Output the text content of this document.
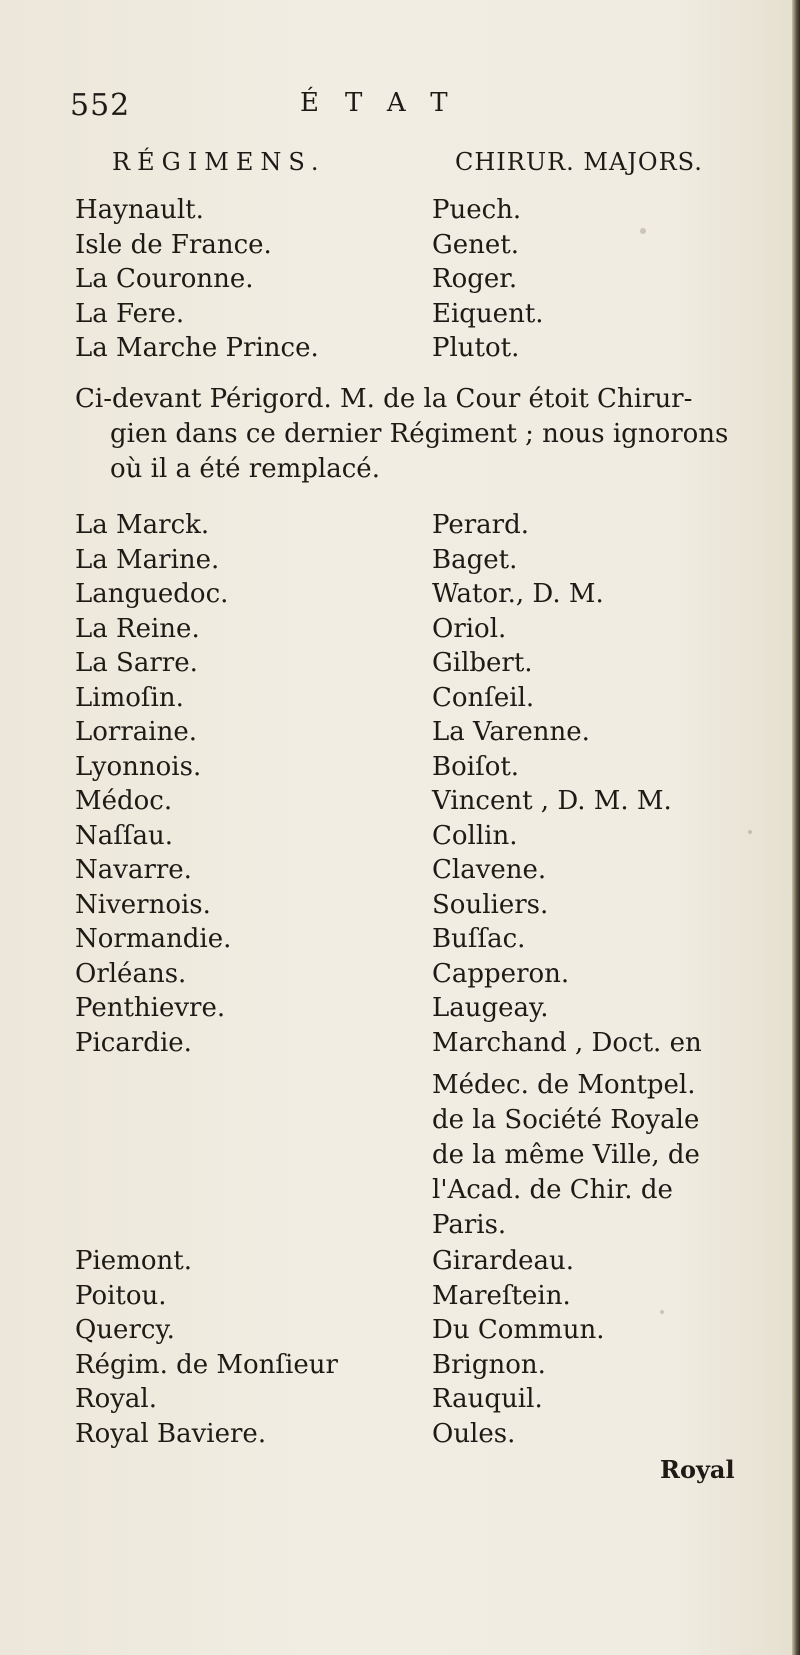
552	ÉTAT
RÉGIMENS.	CHIRUR. MAJORS.
Haynault.	Puech.
Isle de France.	Genet.
La Couronne.	Roger.
La Fere.	Eiquent.
La Marche Prince.	Plutot.
Ci-devant Périgord. M. de la Cour étoit Chirur-
gien dans ce dernier Régiment ; nous ignorons
où il a été remplacé.
La Marck.	Perard.
La Marine.	Baget.
Languedoc.	Wator., D. M.
La Reine.	Oriol.
La Sarre.	Gilbert.
Limoſin.	Conſeil.
Lorraine.	La Varenne.
Lyonnois.	Boiſot.
Médoc.	Vincent , D. M. M.
Naſſau.	Collin.
Navarre.	Clavene.
Nivernois.	Souliers.
Normandie.	Buſſac.
Orléans.	Capperon.
Penthievre.	Laugeay.
Picardie.	Marchand , Doct. en
Médec. de Montpel.
de la Société Royale
de la même Ville, de
l'Acad. de Chir. de
Paris.
Piemont.	Girardeau.
Poitou.	Mareſtein.
Quercy.	Du Commun.
Régim. de Monſieur	Brignon.
Royal.	Rauquil.
Royal Baviere.	Oules.
Royal
